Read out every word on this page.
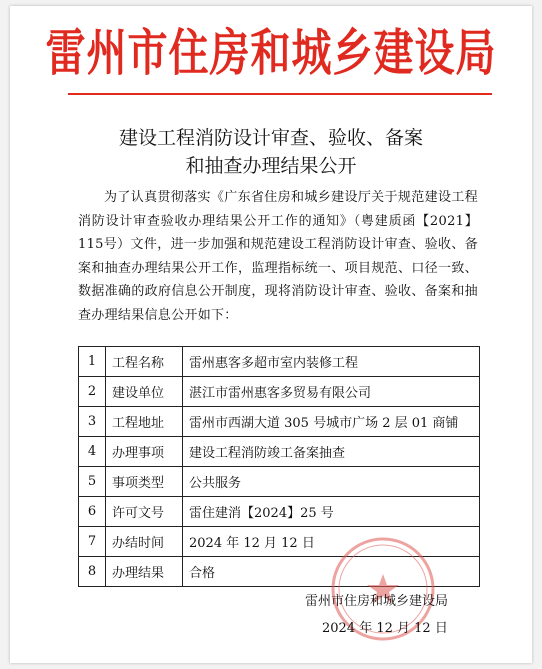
雷州市住房和城乡建设局
建设工程消防设计审查、验收、备案
和抽查办理结果公开
为了认真贯彻落实《广东省住房和城乡建设厅关于规范建设工程消防设计审查验收办理结果公开工作的通知》（粤建质函【2021】115号）文件，进一步加强和规范建设工程消防设计审查、验收、备案和抽查办理结果公开工作，监理指标统一、项目规范、口径一致、数据准确的政府信息公开制度，现将消防设计审查、验收、备案和抽查办理结果信息公开如下：
1	工程名称	雷州惠客多超市室内装修工程
2	建设单位	湛江市雷州惠客多贸易有限公司
3	工程地址	雷州市西湖大道 305 号城市广场 2 层 01 商铺
4	办理事项	建设工程消防竣工备案抽查
5	事项类型	公共服务
6	许可文号	雷住建消【2024】25 号
7	办结时间	2024 年 12 月 12 日
8	办理结果	合格
雷州市住房和城乡建设局
2024 年 12 月 12 日
